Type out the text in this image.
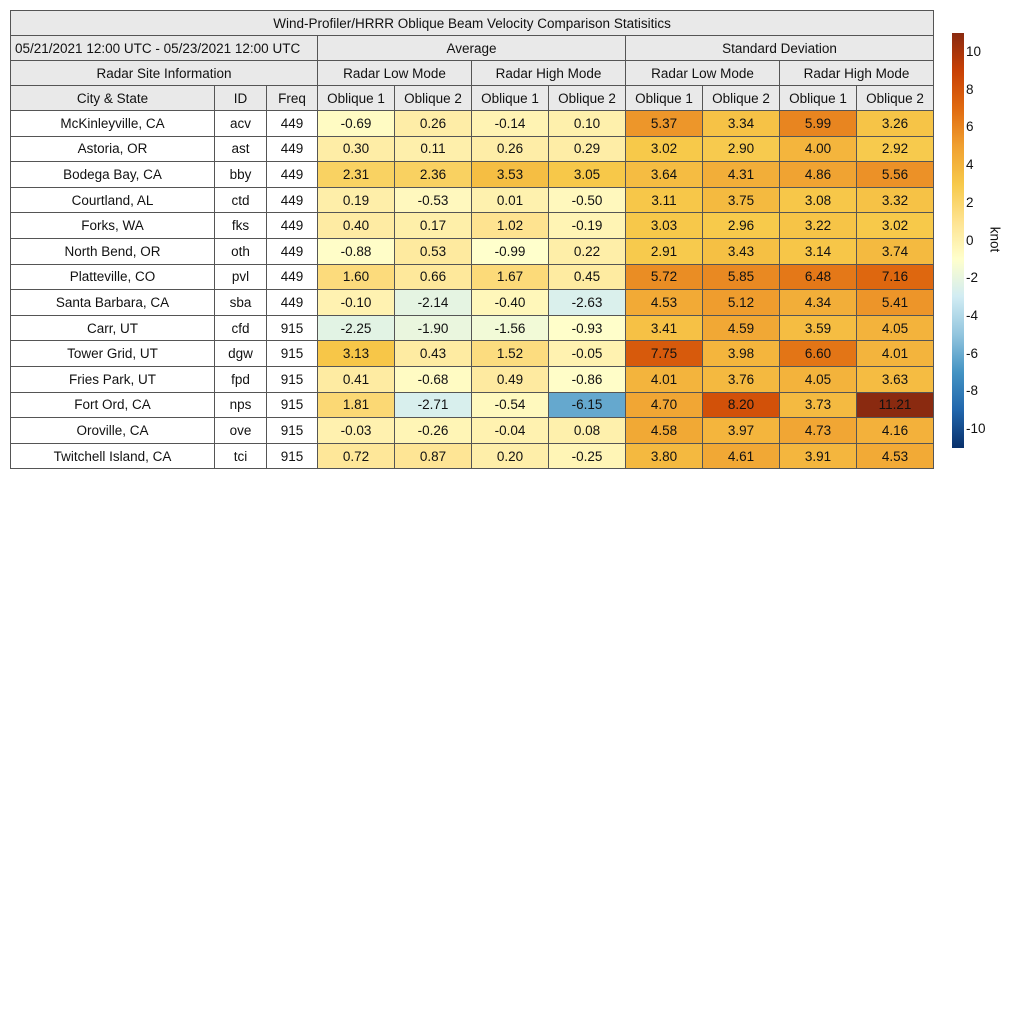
Wind-Profiler/HRRR Oblique Beam Velocity Comparison Statisitics										
05/21/2021 12:00 UTC - 05/23/2021 12:00 UTC			Average				Standard Deviation			
Radar Site Information			Radar Low Mode		Radar High Mode		Radar Low Mode		Radar High Mode	
City & State	ID	Freq	Oblique 1	Oblique 2	Oblique 1	Oblique 2	Oblique 1	Oblique 2	Oblique 1	Oblique 2
McKinleyville, CA	acv	449	-0.69	0.26	-0.14	0.10	5.37	3.34	5.99	3.26
Astoria, OR	ast	449	0.30	0.11	0.26	0.29	3.02	2.90	4.00	2.92
Bodega Bay, CA	bby	449	2.31	2.36	3.53	3.05	3.64	4.31	4.86	5.56
Courtland, AL	ctd	449	0.19	-0.53	0.01	-0.50	3.11	3.75	3.08	3.32
Forks, WA	fks	449	0.40	0.17	1.02	-0.19	3.03	2.96	3.22	3.02
North Bend, OR	oth	449	-0.88	0.53	-0.99	0.22	2.91	3.43	3.14	3.74
Platteville, CO	pvl	449	1.60	0.66	1.67	0.45	5.72	5.85	6.48	7.16
Santa Barbara, CA	sba	449	-0.10	-2.14	-0.40	-2.63	4.53	5.12	4.34	5.41
Carr, UT	cfd	915	-2.25	-1.90	-1.56	-0.93	3.41	4.59	3.59	4.05
Tower Grid, UT	dgw	915	3.13	0.43	1.52	-0.05	7.75	3.98	6.60	4.01
Fries Park, UT	fpd	915	0.41	-0.68	0.49	-0.86	4.01	3.76	4.05	3.63
Fort Ord, CA	nps	915	1.81	-2.71	-0.54	-6.15	4.70	8.20	3.73	11.21
Oroville, CA	ove	915	-0.03	-0.26	-0.04	0.08	4.58	3.97	4.73	4.16
Twitchell Island, CA	tci	915	0.72	0.87	0.20	-0.25	3.80	4.61	3.91	4.53
10
8
6
4
2
0
-2
-4
-6
-8
-10
knot
